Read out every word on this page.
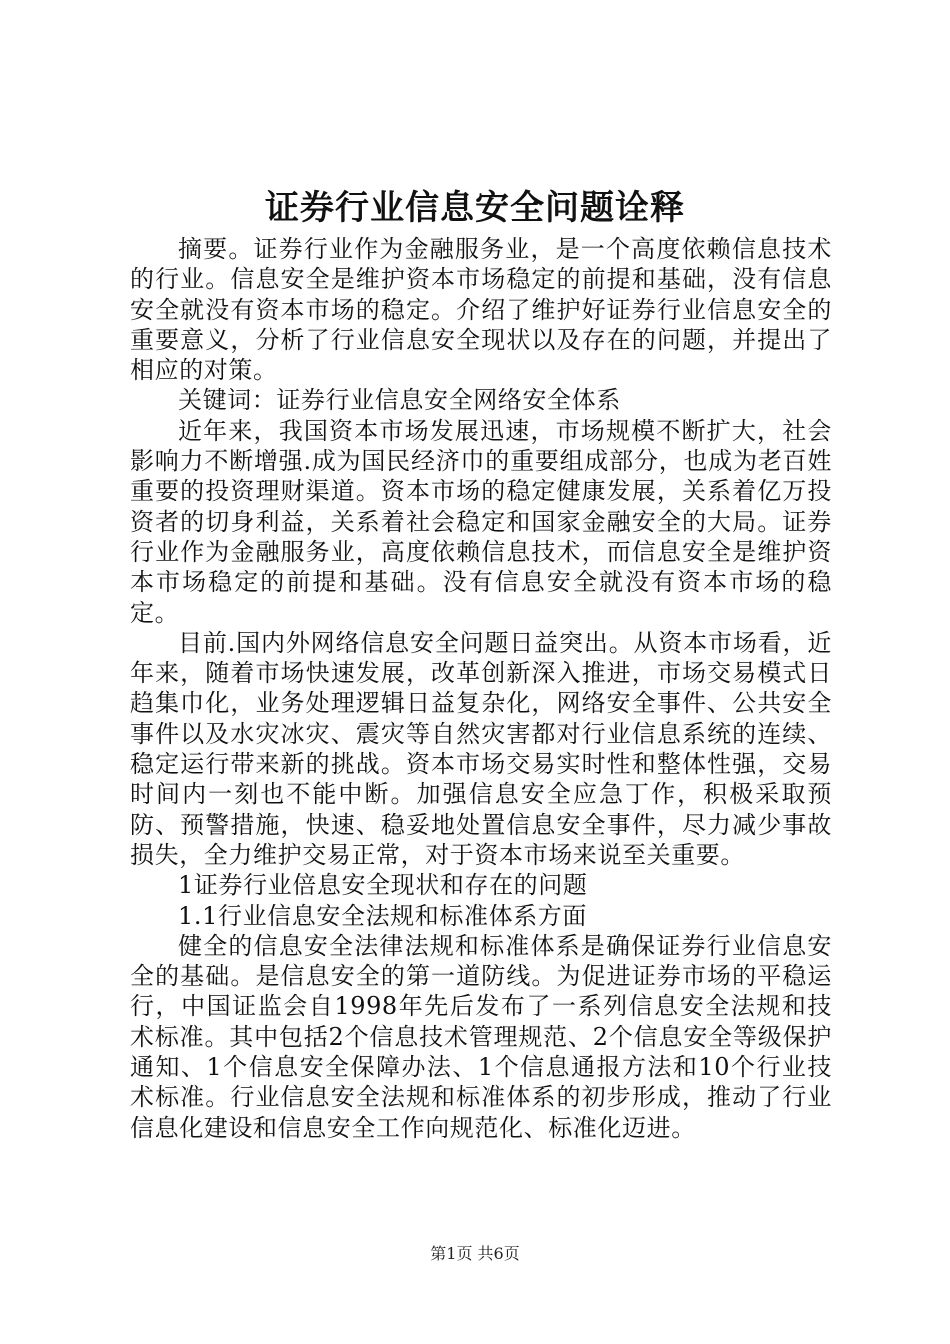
证券行业信息安全问题诠释

摘要。证券行业作为金融服务业，是一个高度依赖信息技术的行业。信息安全是维护资本市场稳定的前提和基础，没有信息安全就没有资本市场的稳定。介绍了维护好证券行业信息安全的重要意义，分析了行业信息安全现状以及存在的问题，并提出了相应的对策。

关键词：证券行业信息安全网络安全体系

近年来，我国资本市场发展迅速，市场规模不断扩大，社会影响力不断增强.成为国民经济巾的重要组成部分，也成为老百姓重要的投资理财渠道。资本市场的稳定健康发展，关系着亿万投资者的切身利益，关系着社会稳定和国家金融安全的大局。证券行业作为金融服务业，高度依赖信息技术，而信息安全是维护资本市场稳定的前提和基础。没有信息安全就没有资本市场的稳定。

目前.国内外网络信息安全问题日益突出。从资本市场看，近年来，随着市场快速发展，改革创新深入推进，市场交易模式日趋集巾化，业务处理逻辑日益复杂化，网络安全事件、公共安全事件以及水灾冰灾、震灾等自然灾害都对行业信息系统的连续、稳定运行带来新的挑战。资本市场交易实时性和整体性强，交易时间内一刻也不能中断。加强信息安全应急丁作，积极采取预防、预警措施，快速、稳妥地处置信息安全事件，尽力减少事故损失，全力维护交易正常，对于资本市场来说至关重要。

1证券行业倍息安全现状和存在的问题

1.1行业信息安全法规和标准体系方面

健全的信息安全法律法规和标准体系是确保证券行业信息安全的基础。是信息安全的第一道防线。为促进证券市场的平稳运行，中国证监会自1998年先后发布了一系列信息安全法规和技术标准。其中包括2个信息技术管理规范、2个信息安全等级保护通知、1个信息安全保障办法、1个信息通报方法和10个行业技术标准。行业信息安全法规和标准体系的初步形成，推动了行业信息化建设和信息安全工作向规范化、标准化迈进。

第1页 共6页
